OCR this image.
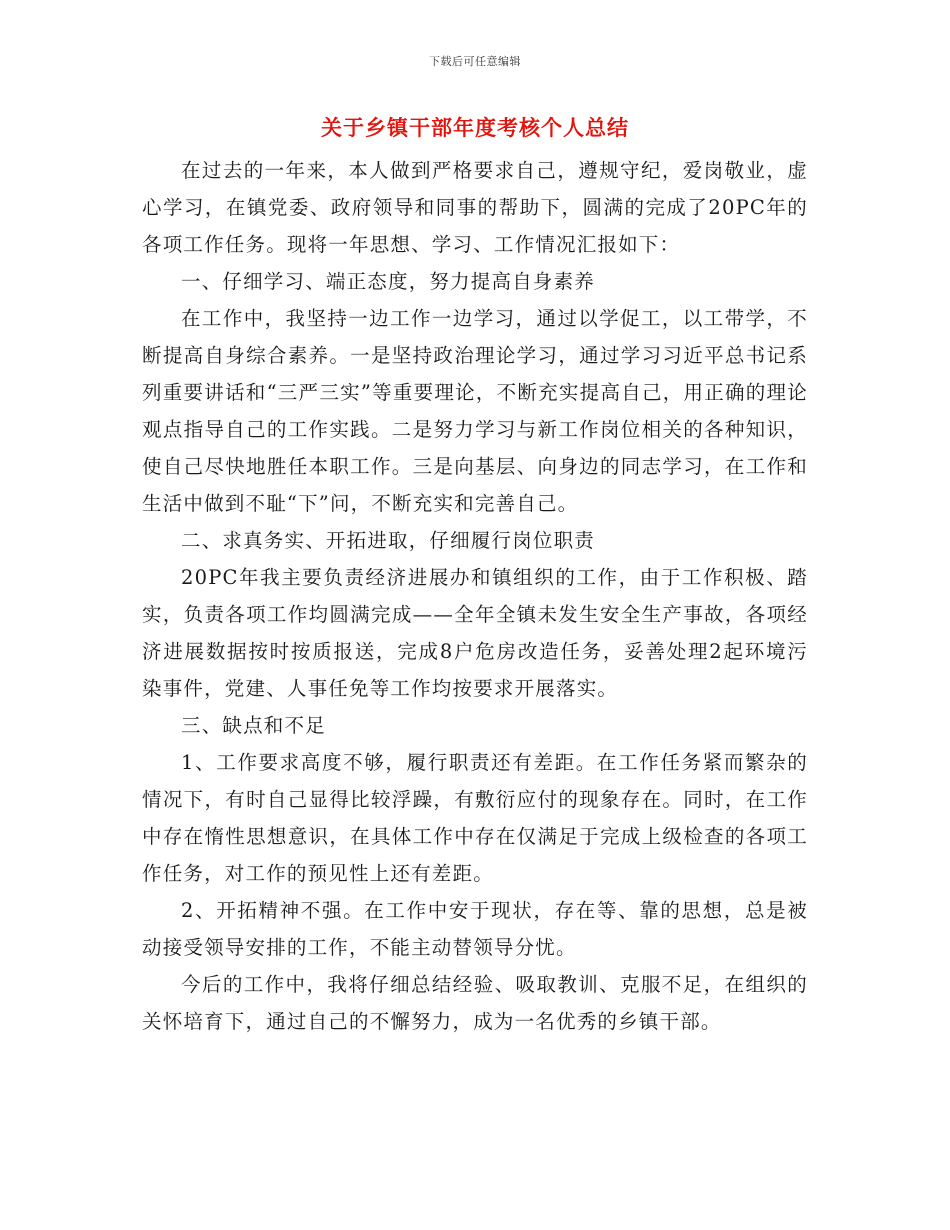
下载后可任意编辑
关于乡镇干部年度考核个人总结

在过去的一年来，本人做到严格要求自己，遵规守纪，爱岗敬业，虚心学习，在镇党委、政府领导和同事的帮助下，圆满的完成了20PC年的各项工作任务。现将一年思想、学习、工作情况汇报如下：

一、仔细学习、端正态度，努力提高自身素养

在工作中，我坚持一边工作一边学习，通过以学促工，以工带学，不断提高自身综合素养。一是坚持政治理论学习，通过学习习近平总书记系列重要讲话和“三严三实”等重要理论，不断充实提高自己，用正确的理论观点指导自己的工作实践。二是努力学习与新工作岗位相关的各种知识，使自己尽快地胜任本职工作。三是向基层、向身边的同志学习，在工作和生活中做到不耻“下”问，不断充实和完善自己。

二、求真务实、开拓进取，仔细履行岗位职责

20PC年我主要负责经济进展办和镇组织的工作，由于工作积极、踏实，负责各项工作均圆满完成——全年全镇未发生安全生产事故，各项经济进展数据按时按质报送，完成8户危房改造任务，妥善处理2起环境污染事件，党建、人事任免等工作均按要求开展落实。

三、缺点和不足

1、工作要求高度不够，履行职责还有差距。在工作任务紧而繁杂的情况下，有时自己显得比较浮躁，有敷衍应付的现象存在。同时，在工作中存在惰性思想意识，在具体工作中存在仅满足于完成上级检查的各项工作任务，对工作的预见性上还有差距。

2、开拓精神不强。在工作中安于现状，存在等、靠的思想，总是被动接受领导安排的工作，不能主动替领导分忧。

今后的工作中，我将仔细总结经验、吸取教训、克服不足，在组织的关怀培育下，通过自己的不懈努力，成为一名优秀的乡镇干部。
